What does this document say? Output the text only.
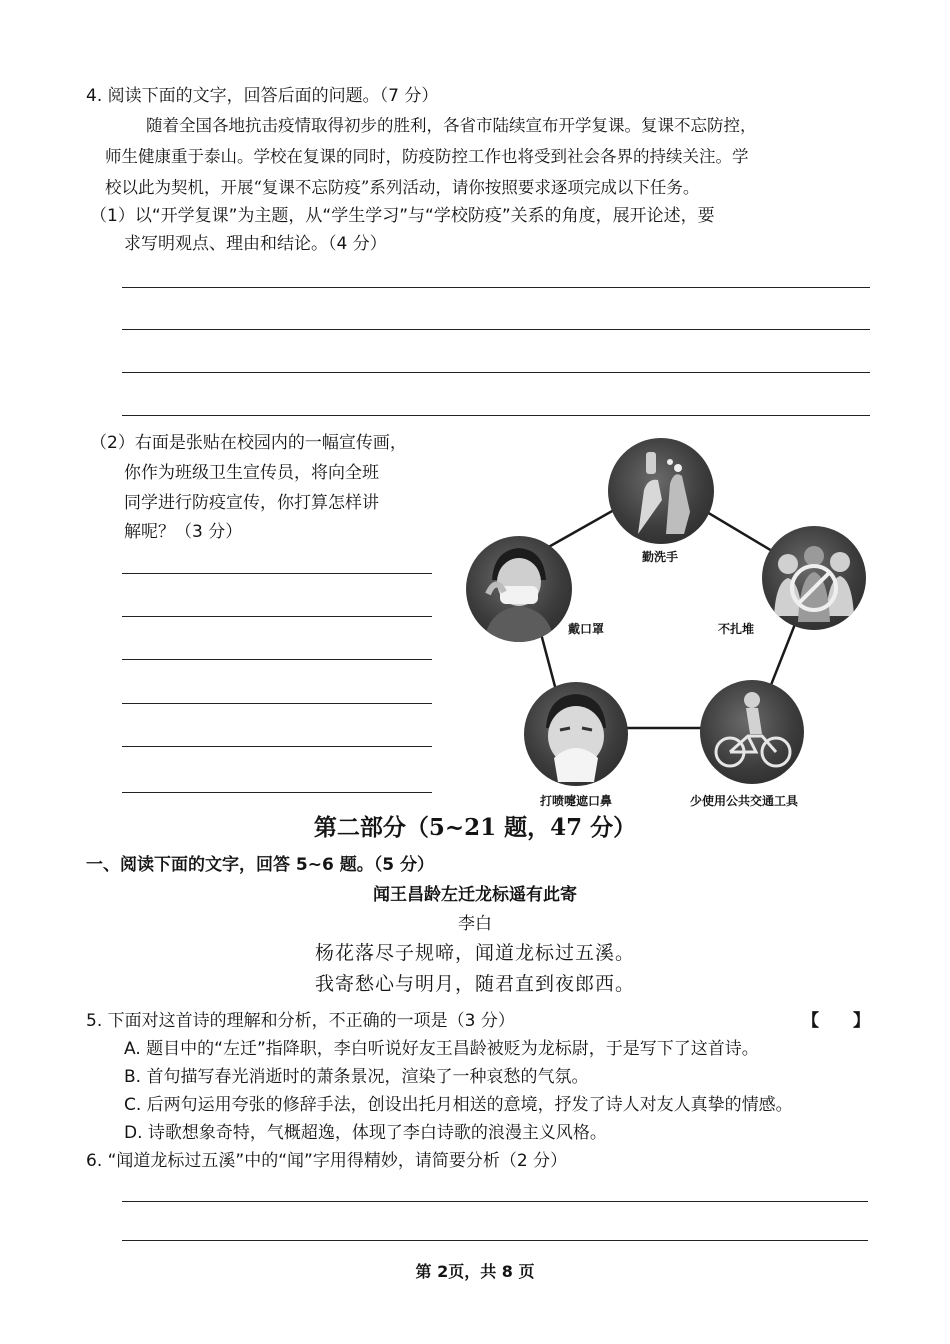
4. 阅读下面的文字，回答后面的问题。（7 分）
随着全国各地抗击疫情取得初步的胜利，各省市陆续宣布开学复课。复课不忘防控，
师生健康重于泰山。学校在复课的同时，防疫防控工作也将受到社会各界的持续关注。学
校以此为契机，开展“复课不忘防疫”系列活动，请你按照要求逐项完成以下任务。
（1）以“开学复课”为主题，从“学生学习”与“学校防疫”关系的角度，展开论述，要
求写明观点、理由和结论。（4 分）
（2）右面是张贴在校园内的一幅宣传画，
你作为班级卫生宣传员，将向全班
同学进行防疫宣传，你打算怎样讲
解呢？（3 分）
勤洗手
不扎堆
少使用公共交通工具
打喷嚏遮口鼻
戴口罩
第二部分（5~21 题，47 分）
一、阅读下面的文字，回答 5~6 题。（5 分）
闻王昌龄左迁龙标遥有此寄
李白
杨花落尽子规啼，闻道龙标过五溪。
我寄愁心与明月，随君直到夜郎西。
5. 下面对这首诗的理解和分析，不正确的一项是（3 分）	【　　】
A. 题目中的“左迁”指降职，李白听说好友王昌龄被贬为龙标尉，于是写下了这首诗。
B. 首句描写春光消逝时的萧条景况，渲染了一种哀愁的气氛。
C. 后两句运用夸张的修辞手法，创设出托月相送的意境，抒发了诗人对友人真挚的情感。
D. 诗歌想象奇特，气概超逸，体现了李白诗歌的浪漫主义风格。
6. “闻道龙标过五溪”中的“闻”字用得精妙，请简要分析（2 分）
第 2页，共 8 页
